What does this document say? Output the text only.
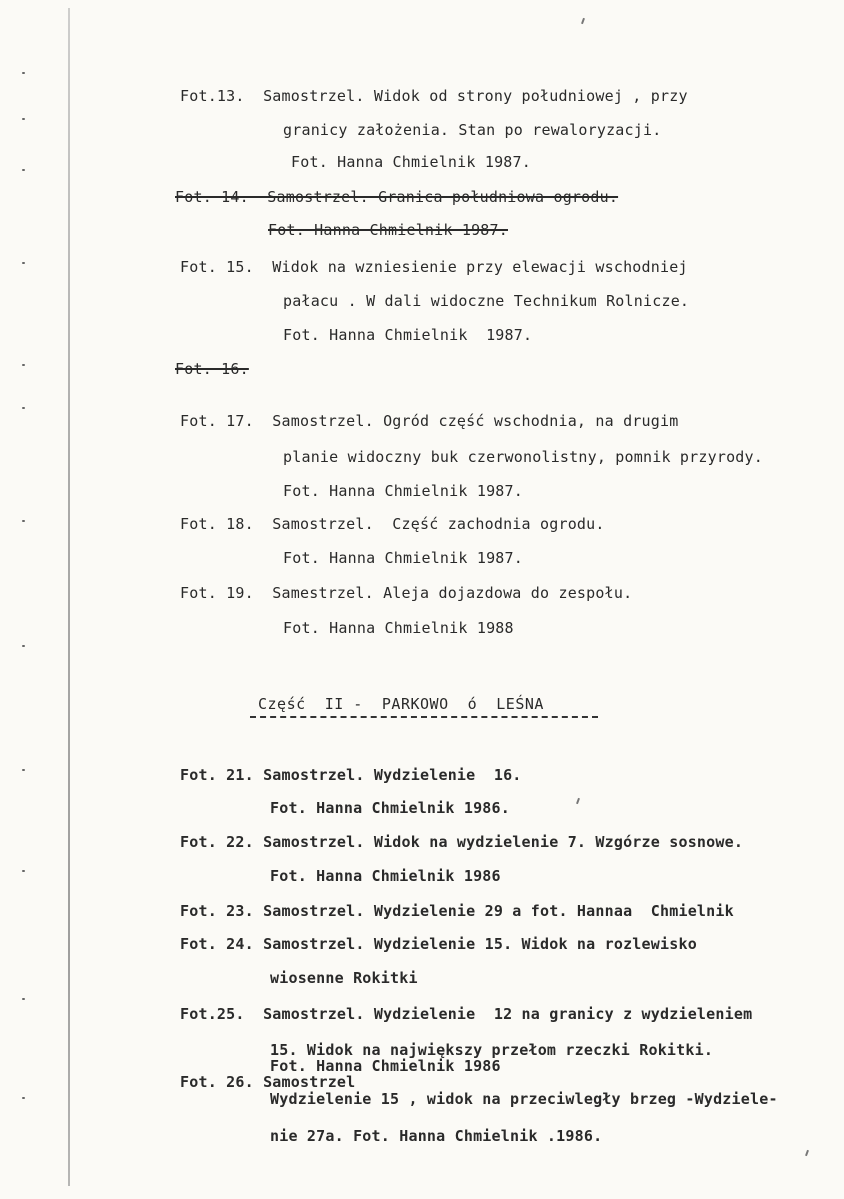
Fot.13.  Samostrzel. Widok od strony południowej , przy
granicy założenia. Stan po rewaloryzacji.
Fot. Hanna Chmielnik 1987.
Fot. 14.  Samostrzel. Granica południowa ogrodu.
Fot. Hanna Chmielnik 1987.
Fot. 15.  Widok na wzniesienie przy elewacji wschodniej
pałacu . W dali widoczne Technikum Rolnicze.
Fot. Hanna Chmielnik  1987.
Fot. 16.
Fot. 17.  Samostrzel. Ogród część wschodnia, na drugim
planie widoczny buk czerwonolistny, pomnik przyrody.
Fot. Hanna Chmielnik 1987.
Fot. 18.  Samostrzel.  Część zachodnia ogrodu.
Fot. Hanna Chmielnik 1987.
Fot. 19.  Samestrzel. Aleja dojazdowa do zespołu.
Fot. Hanna Chmielnik 1988
Część  II -  PARKOWO  ó  LEŚNA
Fot. 21. Samostrzel. Wydzielenie  16.
Fot. Hanna Chmielnik 1986.
Fot. 22. Samostrzel. Widok na wydzielenie 7. Wzgórze sosnowe.
Fot. Hanna Chmielnik 1986
Fot. 23. Samostrzel. Wydzielenie 29 a fot. Hannaa  Chmielnik
Fot. 24. Samostrzel. Wydzielenie 15. Widok na rozlewisko
wiosenne Rokitki
Fot.25.  Samostrzel. Wydzielenie  12 na granicy z wydzieleniem
15. Widok na największy przełom rzeczki Rokitki.
Fot. Hanna Chmielnik 1986
Fot. 26. Samostrzel
Wydzielenie 15 , widok na przeciwległy brzeg -Wydziele-
nie 27a. Fot. Hanna Chmielnik .1986.
